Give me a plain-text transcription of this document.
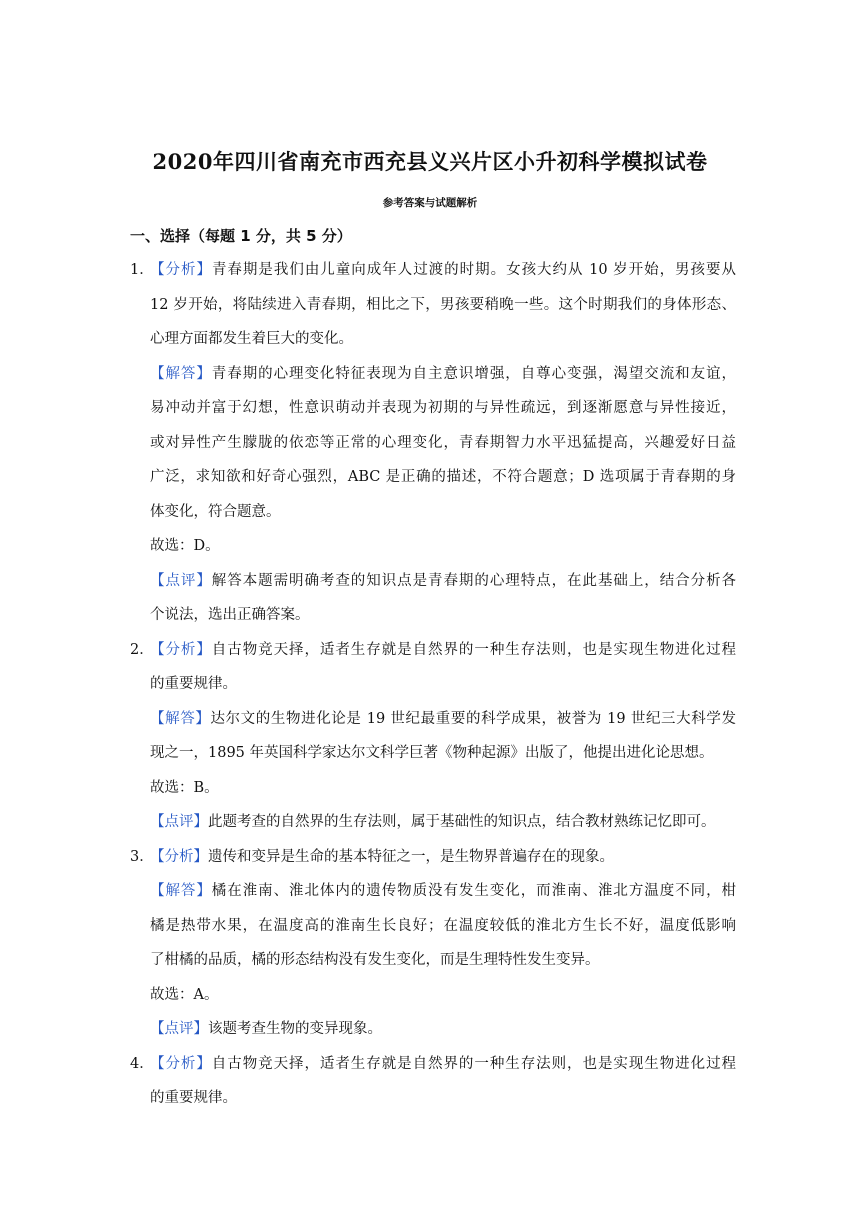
2020年四川省南充市西充县义兴片区小升初科学模拟试卷
参考答案与试题解析
一、选择（每题 1 分，共 5 分）
1．
【分析】青春期是我们由儿童向成年人过渡的时期。女孩大约从 10 岁开始，男孩要从
12 岁开始，将陆续进入青春期，相比之下，男孩要稍晚一些。这个时期我们的身体形态、
心理方面都发生着巨大的变化。
【解答】青春期的心理变化特征表现为自主意识增强，自尊心变强，渴望交流和友谊，
易冲动并富于幻想，性意识萌动并表现为初期的与异性疏远，到逐渐愿意与异性接近，
或对异性产生朦胧的依恋等正常的心理变化，青春期智力水平迅猛提高，兴趣爱好日益
广泛，求知欲和好奇心强烈，ABC 是正确的描述，不符合题意；D 选项属于青春期的身
体变化，符合题意。
故选：D。
【点评】解答本题需明确考查的知识点是青春期的心理特点，在此基础上，结合分析各
个说法，选出正确答案。
2．
【分析】自古物竞天择，适者生存就是自然界的一种生存法则，也是实现生物进化过程
的重要规律。
【解答】达尔文的生物进化论是 19 世纪最重要的科学成果，被誉为 19 世纪三大科学发
现之一，1895 年英国科学家达尔文科学巨著《物种起源》出版了，他提出进化论思想。
故选：B。
【点评】此题考查的自然界的生存法则，属于基础性的知识点，结合教材熟练记忆即可。
3．
【分析】遗传和变异是生命的基本特征之一，是生物界普遍存在的现象。
【解答】橘在淮南、淮北体内的遗传物质没有发生变化，而淮南、淮北方温度不同，柑
橘是热带水果，在温度高的淮南生长良好；在温度较低的淮北方生长不好，温度低影响
了柑橘的品质，橘的形态结构没有发生变化，而是生理特性发生变异。
故选：A。
【点评】该题考查生物的变异现象。
4．
【分析】自古物竞天择，适者生存就是自然界的一种生存法则，也是实现生物进化过程
的重要规律。
